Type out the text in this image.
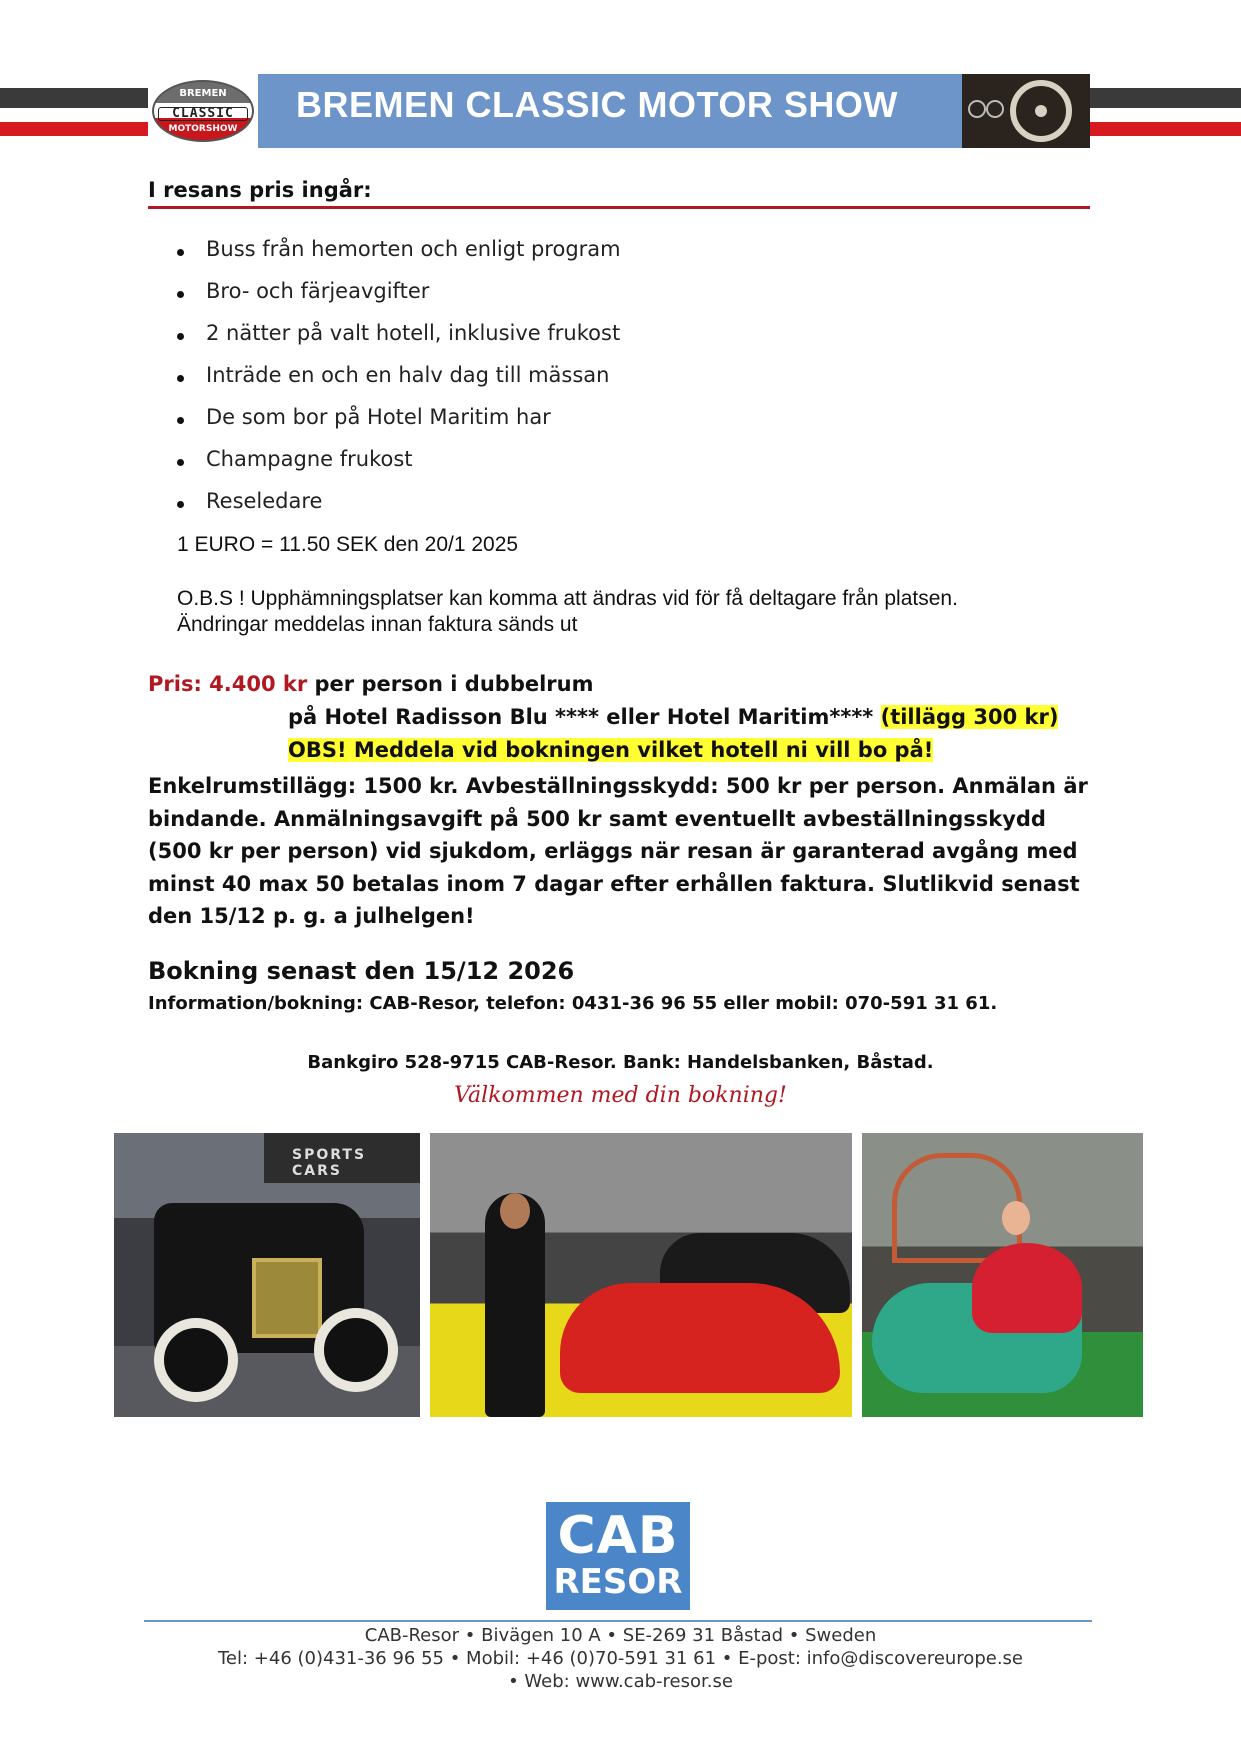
BREMEN
CLASSIC
MOTORSHOW
BREMEN CLASSIC MOTOR SHOW
I resans pris ingår:
Buss från hemorten och enligt program
Bro- och färjeavgifter
2 nätter på valt hotell, inklusive frukost
Inträde en och en halv dag till mässan
De som bor på Hotel Maritim har
Champagne frukost
Reseledare
1 EURO = 11.50 SEK den 20/1 2025
O.B.S ! Upphämningsplatser kan komma att ändras vid för få deltagare från platsen.
Ändringar meddelas innan faktura sänds ut
Pris: 4.400 kr per person i dubbelrum
på Hotel Radisson Blu **** eller Hotel Maritim**** (tillägg 300 kr)
OBS! Meddela vid bokningen vilket hotell ni vill bo på!

Enkelrumstillägg: 1500 kr. Avbeställningsskydd: 500 kr per person. Anmälan är bindande. Anmälningsavgift på 500 kr samt eventuellt avbeställningsskydd (500 kr per person) vid sjukdom, erläggs när resan är garanterad avgång med minst 40 max 50 betalas inom 7 dagar efter erhållen faktura. Slutlikvid senast den 15/12 p. g. a julhelgen!

Bokning senast den 15/12 2026
Information/bokning: CAB-Resor, telefon: 0431-36 96 55 eller mobil: 070-591 31 61.
Bankgiro 528-9715 CAB-Resor. Bank: Handelsbanken, Båstad.
Välkommen med din bokning!
SPORTS CARS
CAB
RESOR
CAB-Resor • Bivägen 10 A • SE-269 31 Båstad • Sweden
Tel: +46 (0)431-36 96 55 • Mobil: +46 (0)70-591 31 61 • E-post: info@discovereurope.se
• Web: www.cab-resor.se
